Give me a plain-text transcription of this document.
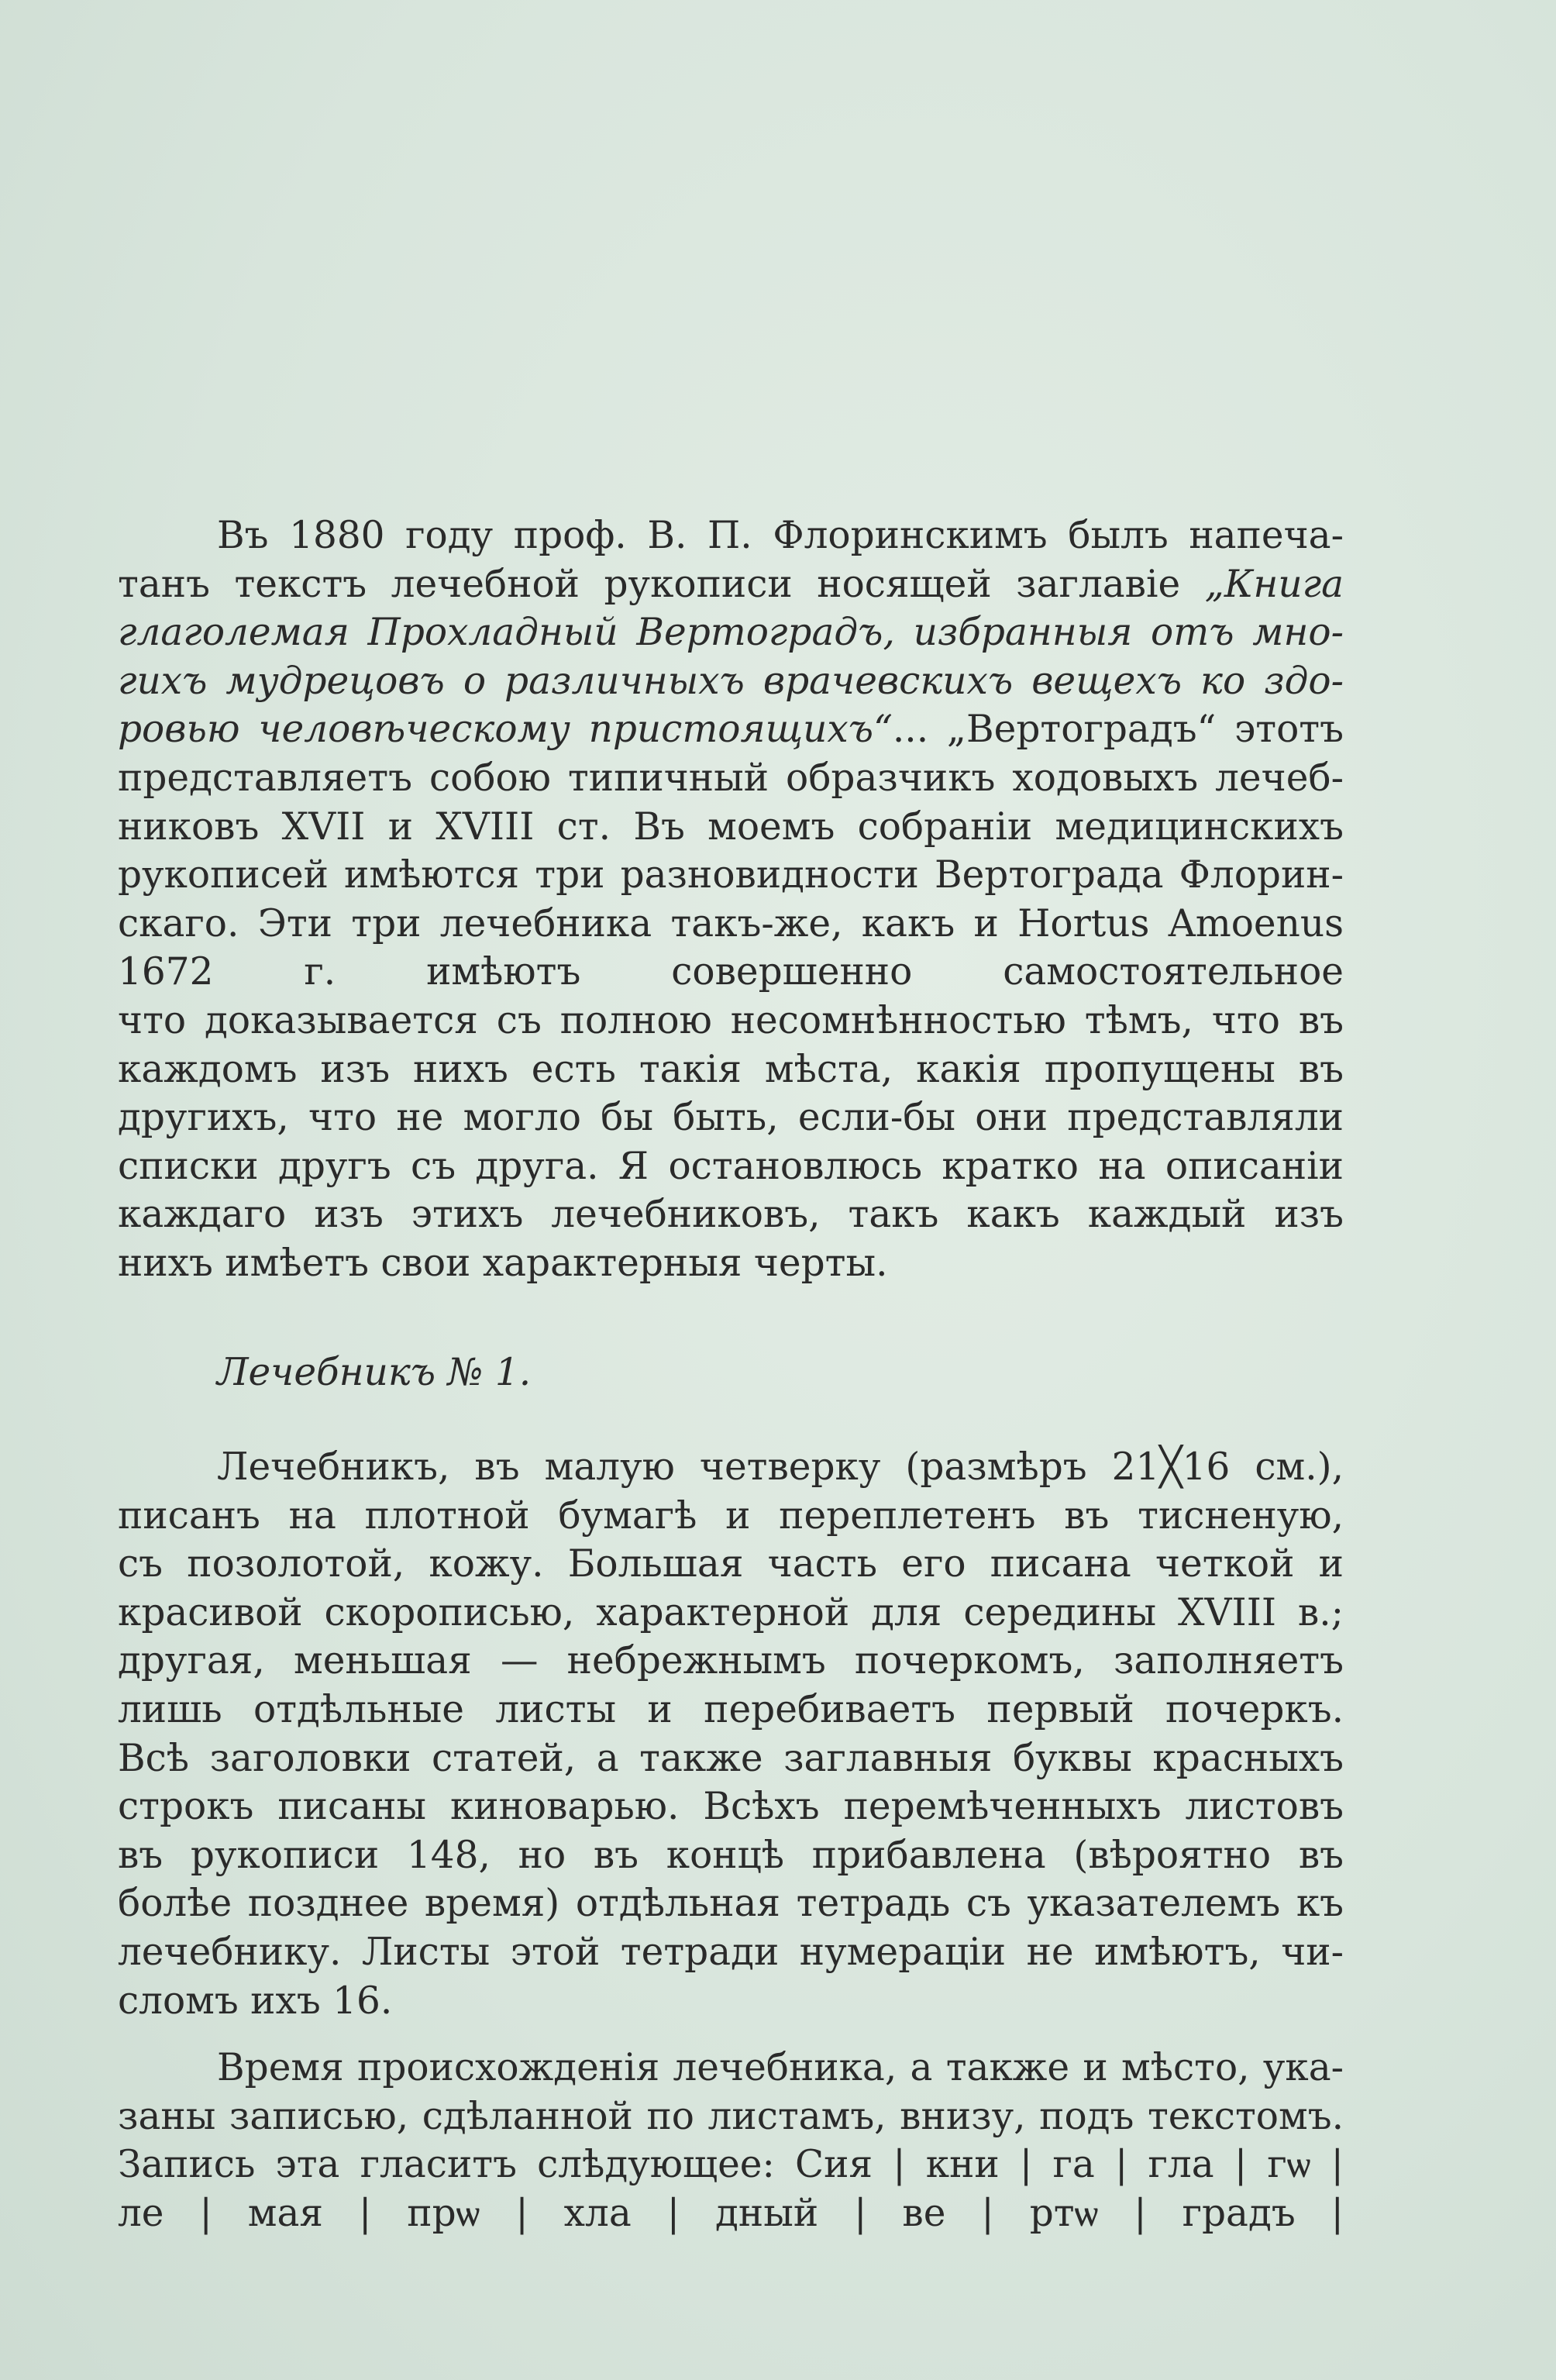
Въ 1880 году проф. В. П. Флоринскимъ былъ напеча-
танъ текстъ лечебной рукописи носящей заглавіе „Книга
глаголемая Прохладный Вертоградъ, избранныя отъ мно-
гихъ мудрецовъ о различныхъ врачевскихъ вещехъ ко здо-
ровью человѣческому пристоящихъ“... „Вертоградъ“ этотъ
представляетъ собою типичный образчикъ ходовыхъ лечеб-
никовъ XVII и XVIII ст. Въ моемъ собраніи медицинскихъ
рукописей имѣются три разновидности Вертограда Флорин-
скаго. Эти три лечебника такъ-же, какъ и Hortus Amoenus
1672 г. имѣютъ совершенно самостоятельное
что доказывается съ полною несомнѣнностью тѣмъ, что въ
каждомъ изъ нихъ есть такія мѣста, какія пропущены въ
другихъ, что не могло бы быть, если-бы они представляли
списки другъ съ друга. Я остановлюсь кратко на описаніи
каждаго изъ этихъ лечебниковъ, такъ какъ каждый изъ
нихъ имѣетъ свои характерныя черты.
Лечебникъ № 1.
Лечебникъ, въ малую четверку (размѣръ 21╳16 см.),
писанъ на плотной бумагѣ и переплетенъ въ тисненую,
съ позолотой, кожу. Большая часть его писана четкой и
красивой скорописью, характерной для середины XVIII в.;
другая, меньшая — небрежнымъ почеркомъ, заполняетъ
лишь отдѣльные листы и перебиваетъ первый почеркъ.
Всѣ заголовки статей, а также заглавныя буквы красныхъ
строкъ писаны киноварью. Всѣхъ перемѣченныхъ листовъ
въ рукописи 148, но въ концѣ прибавлена (вѣроятно въ
болѣе позднее время) отдѣльная тетрадь съ указателемъ къ
лечебнику. Листы этой тетради нумераціи не имѣютъ, чи-
сломъ ихъ 16.
Время происхожденія лечебника, а также и мѣсто, ука-
заны записью, сдѣланной по листамъ, внизу, подъ текстомъ.
Запись эта гласитъ слѣдующее: Сия | кни | га | гла | гѡ |
ле | мая | прѡ | хла | дный | ве | ртѡ | градъ |
